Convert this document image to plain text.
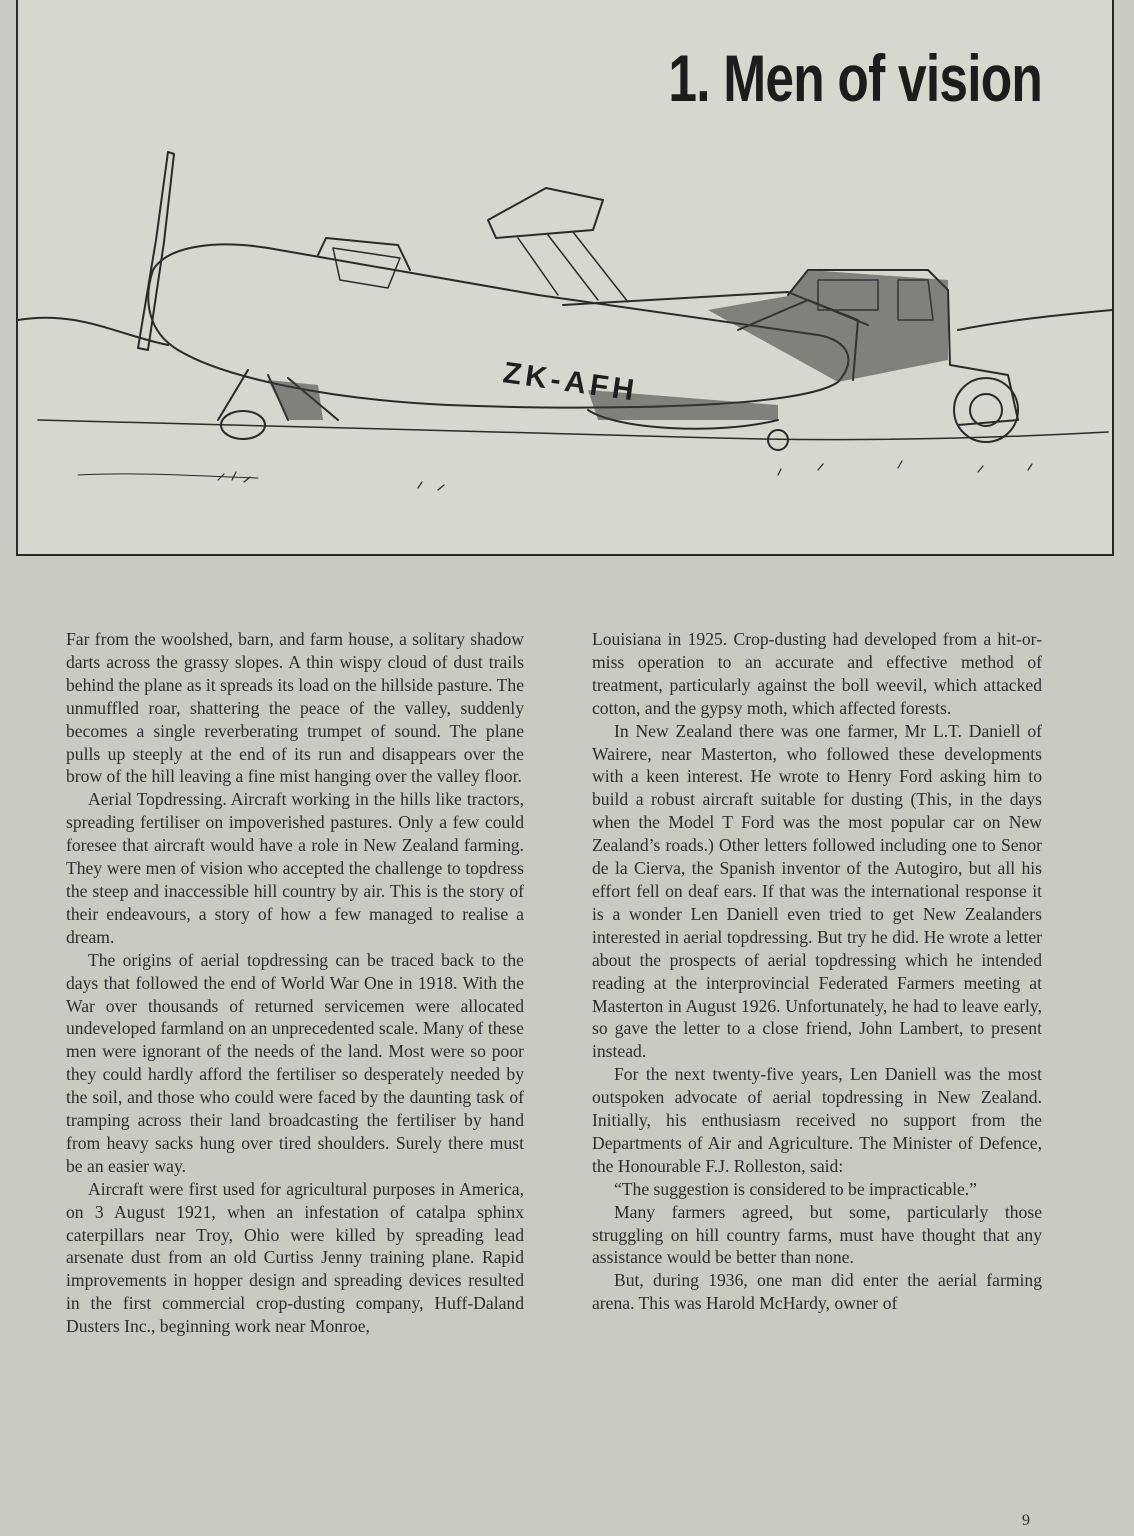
1. Men of vision
ZK-AFH

Far from the woolshed, barn, and farm house, a solitary shadow darts across the grassy slopes. A thin wispy cloud of dust trails behind the plane as it spreads its load on the hillside pasture. The unmuffled roar, shattering the peace of the valley, suddenly becomes a single reverberating trumpet of sound. The plane pulls up steeply at the end of its run and disappears over the brow of the hill leaving a fine mist hanging over the valley floor.

Aerial Topdressing. Aircraft working in the hills like tractors, spreading fertiliser on impoverished pastures. Only a few could foresee that aircraft would have a role in New Zealand farming. They were men of vision who accepted the challenge to topdress the steep and inaccessible hill country by air. This is the story of their endeavours, a story of how a few managed to realise a dream.

The origins of aerial topdressing can be traced back to the days that followed the end of World War One in 1918. With the War over thousands of returned servicemen were allocated undeveloped farmland on an unprecedented scale. Many of these men were ignorant of the needs of the land. Most were so poor they could hardly afford the fertiliser so desperately needed by the soil, and those who could were faced by the daunting task of tramping across their land broadcasting the fertiliser by hand from heavy sacks hung over tired shoulders. Surely there must be an easier way.

Aircraft were first used for agricultural purposes in America, on 3 August 1921, when an infestation of catalpa sphinx caterpillars near Troy, Ohio were killed by spreading lead arsenate dust from an old Curtiss Jenny training plane. Rapid improvements in hopper design and spreading devices resulted in the first commercial crop-dusting company, Huff-Daland Dusters Inc., beginning work near Monroe,

Louisiana in 1925. Crop-dusting had developed from a hit-or-miss operation to an accurate and effective method of treatment, particularly against the boll weevil, which attacked cotton, and the gypsy moth, which affected forests.

In New Zealand there was one farmer, Mr L.T. Daniell of Wairere, near Masterton, who followed these developments with a keen interest. He wrote to Henry Ford asking him to build a robust aircraft suitable for dusting (This, in the days when the Model T Ford was the most popular car on New Zealand’s roads.) Other letters followed including one to Senor de la Cierva, the Spanish inventor of the Autogiro, but all his effort fell on deaf ears. If that was the international response it is a wonder Len Daniell even tried to get New Zealanders interested in aerial topdressing. But try he did. He wrote a letter about the prospects of aerial topdressing which he intended reading at the interprovincial Federated Farmers meeting at Masterton in August 1926. Unfortunately, he had to leave early, so gave the letter to a close friend, John Lambert, to present instead.

For the next twenty-five years, Len Daniell was the most outspoken advocate of aerial topdressing in New Zealand. Initially, his enthusiasm received no support from the Departments of Air and Agriculture. The Minister of Defence, the Honourable F.J. Rolleston, said:

“The suggestion is considered to be impracticable.”

Many farmers agreed, but some, particularly those struggling on hill country farms, must have thought that any assistance would be better than none.

But, during 1936, one man did enter the aerial farming arena. This was Harold McHardy, owner of

9
